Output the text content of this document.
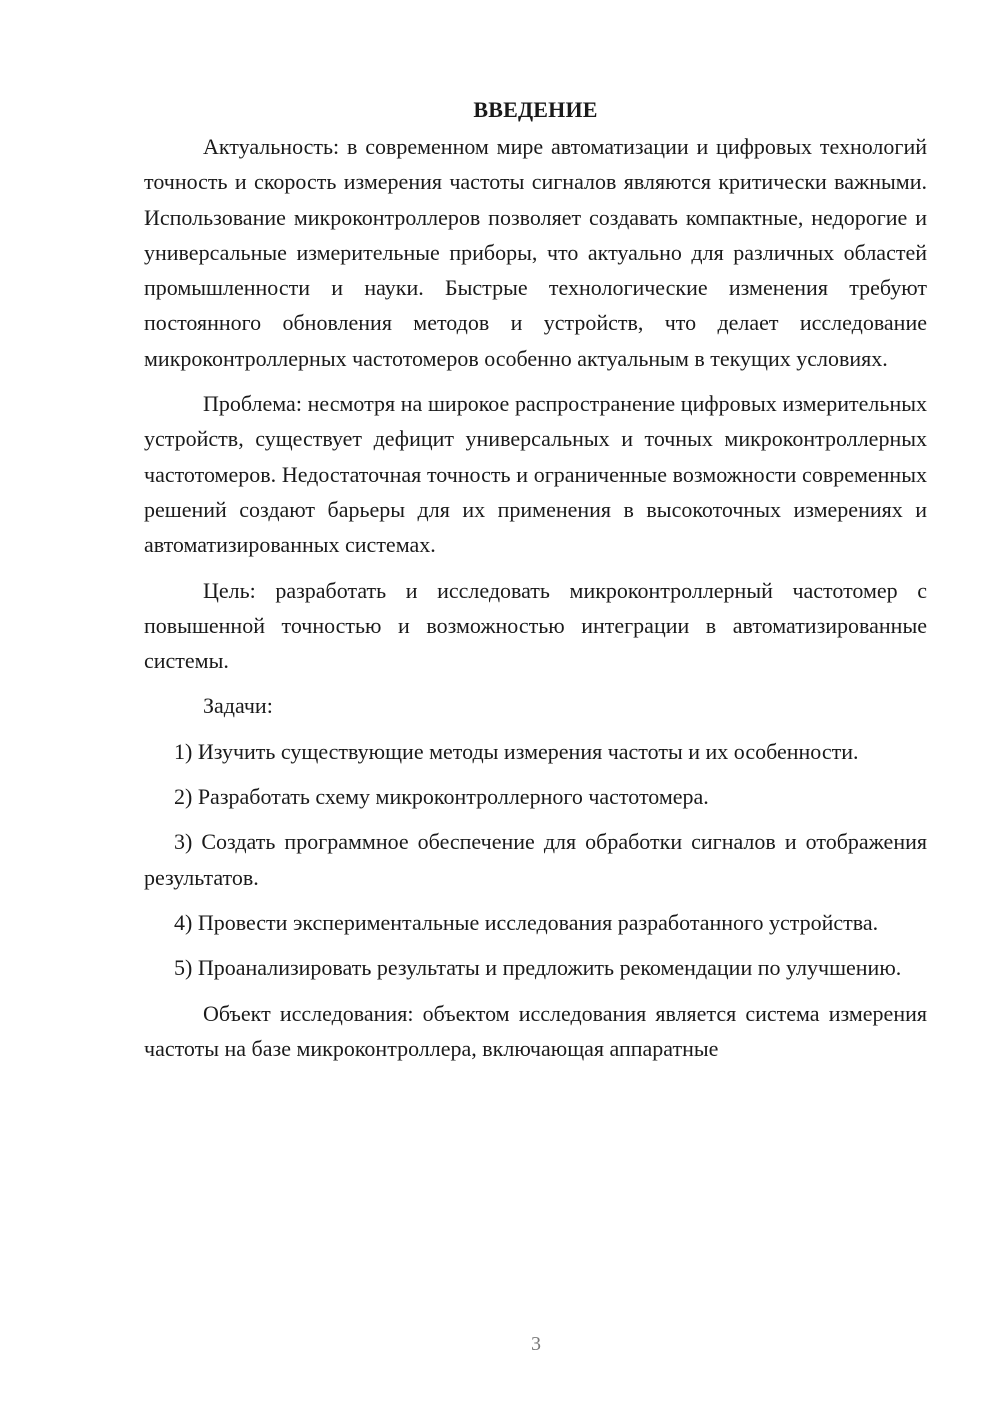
ВВЕДЕНИЕ

Актуальность: в современном мире автоматизации и цифровых технологий точность и скорость измерения частоты сигналов являются критически важными. Использование микроконтроллеров позволяет создавать компактные, недорогие и универсальные измерительные приборы, что актуально для различных областей промышленности и науки. Быстрые технологические изменения требуют постоянного обновления методов и устройств, что делает исследование микроконтроллерных частотомеров особенно актуальным в текущих условиях.

Проблема: несмотря на широкое распространение цифровых измерительных устройств, существует дефицит универсальных и точных микроконтроллерных частотомеров. Недостаточная точность и ограниченные возможности современных решений создают барьеры для их применения в высокоточных измерениях и автоматизированных системах.

Цель: разработать и исследовать микроконтроллерный частотомер с повышенной точностью и возможностью интеграции в автоматизированные системы.

Задачи:

1) Изучить существующие методы измерения частоты и их особенности.

2) Разработать схему микроконтроллерного частотомера.

3) Создать программное обеспечение для обработки сигналов и отображения результатов.

4) Провести экспериментальные исследования разработанного устройства.

5) Проанализировать результаты и предложить рекомендации по улучшению.

Объект исследования: объектом исследования является система измерения частоты на базе микроконтроллера, включающая аппаратные

3
